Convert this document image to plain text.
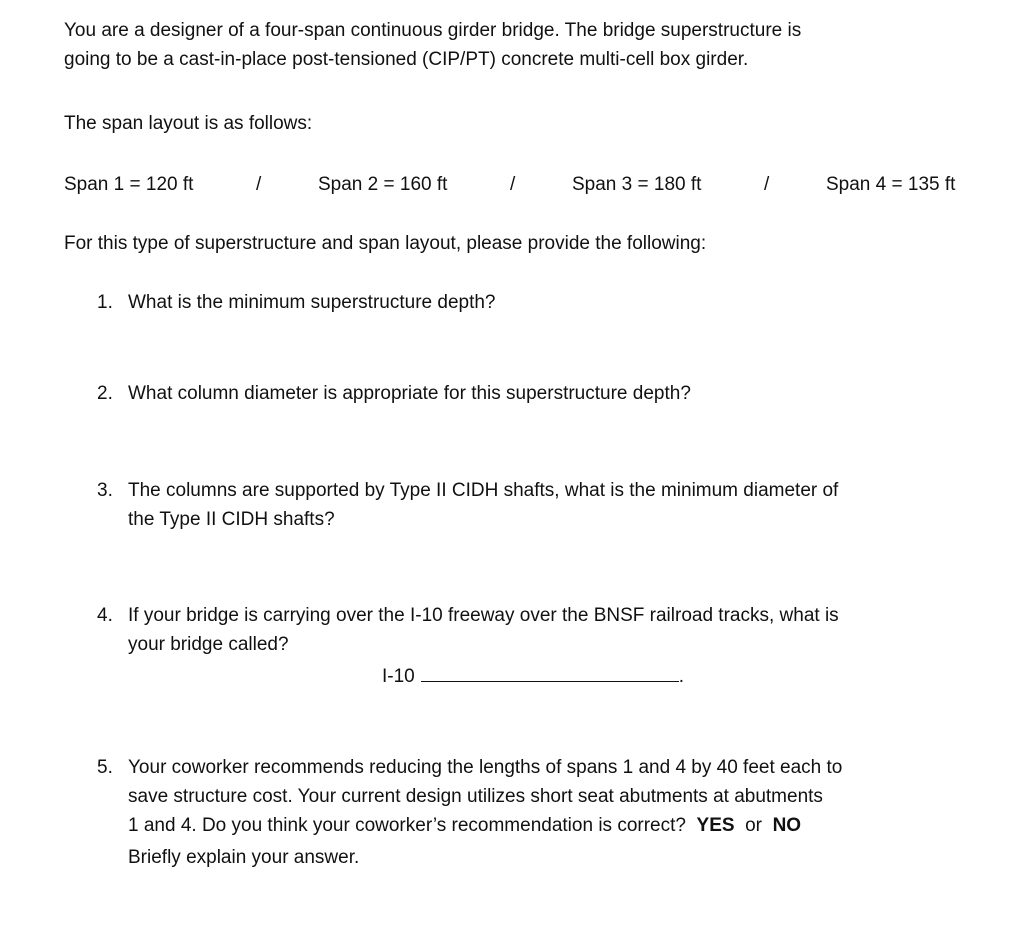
You are a designer of a four-span continuous girder bridge. The bridge superstructure is
going to be a cast-in-place post-tensioned (CIP/PT) concrete multi-cell box girder.

The span layout is as follows:

Span 1 = 120 ft	/	Span 2 = 160 ft	/	Span 3 = 180 ft	/	Span 4 = 135 ft

For this type of superstructure and span layout, please provide the following:

1. What is the minimum superstructure depth?
2. What column diameter is appropriate for this superstructure depth?
3. The columns are supported by Type II CIDH shafts, what is the minimum diameter of
the Type II CIDH shafts?
4. If your bridge is carrying over the I-10 freeway over the BNSF railroad tracks, what is
your bridge called?
I-10	.
5. Your coworker recommends reducing the lengths of spans 1 and 4 by 40 feet each to
save structure cost. Your current design utilizes short seat abutments at abutments
1 and 4. Do you think your coworker’s recommendation is correct? YES or NO
Briefly explain your answer.
